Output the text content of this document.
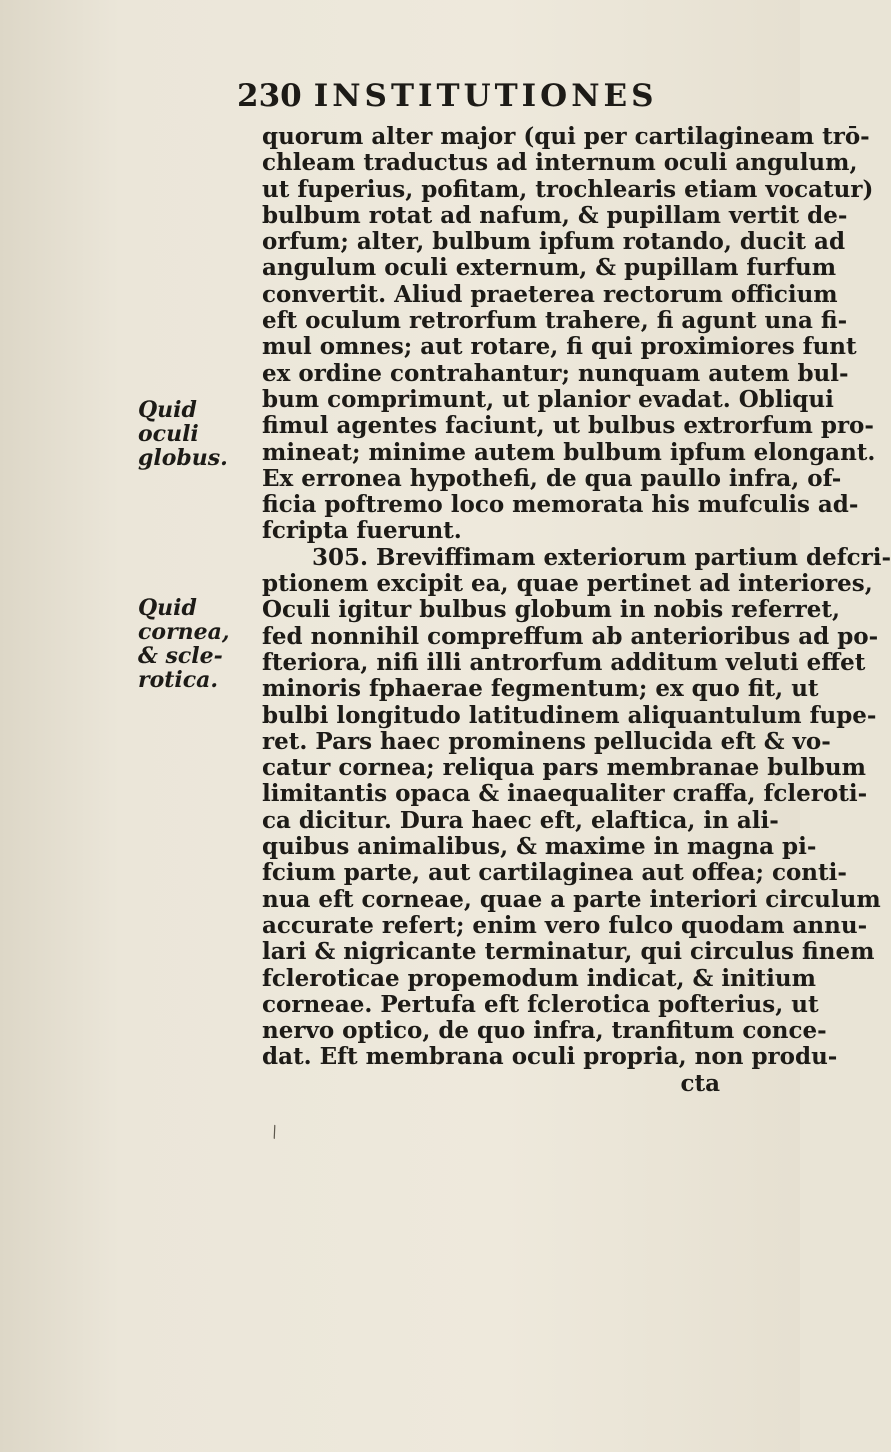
230 INSTITUTIONES
Quid
oculi
globus.
Quid
cornea,
& scle-
rotica.
quorum alter major (qui per cartilagineam trō-
chleam traductus ad internum oculi angulum,
ut fuperius, pofitam, trochlearis etiam vocatur)
bulbum rotat ad nafum, & pupillam vertit de-
orfum; alter, bulbum ipfum rotando, ducit ad
angulum oculi externum, & pupillam furfum
convertit. Aliud praeterea rectorum officium
eft oculum retrorfum trahere, fi agunt una fi-
mul omnes; aut rotare, fi qui proximiores funt
ex ordine contrahantur; nunquam autem bul-
bum comprimunt, ut planior evadat. Obliqui
fimul agentes faciunt, ut bulbus extrorfum pro-
mineat; minime autem bulbum ipfum elongant.
Ex erronea hypothefi, de qua paullo infra, of-
ficia poftremo loco memorata his mufculis ad-
fcripta fuerunt.
305. Breviffimam exteriorum partium defcri-
ptionem excipit ea, quae pertinet ad interiores,
Oculi igitur bulbus globum in nobis referret,
fed nonnihil compreffum ab anterioribus ad po-
fteriora, nifi illi antrorfum additum veluti effet
minoris fphaerae fegmentum; ex quo fit, ut
bulbi longitudo latitudinem aliquantulum fupe-
ret. Pars haec prominens pellucida eft & vo-
catur cornea; reliqua pars membranae bulbum
limitantis opaca & inaequaliter craffa, fcleroti-
ca dicitur. Dura haec eft, elaftica, in ali-
quibus animalibus, & maxime in magna pi-
fcium parte, aut cartilaginea aut offea; conti-
nua eft corneae, quae a parte interiori circulum
accurate refert; enim vero fulco quodam annu-
lari & nigricante terminatur, qui circulus finem
fcleroticae propemodum indicat, & initium
corneae. Pertufa eft fclerotica pofterius, ut
nervo optico, de quo infra, tranfitum conce-
dat. Eft membrana oculi propria, non produ-
cta
\
